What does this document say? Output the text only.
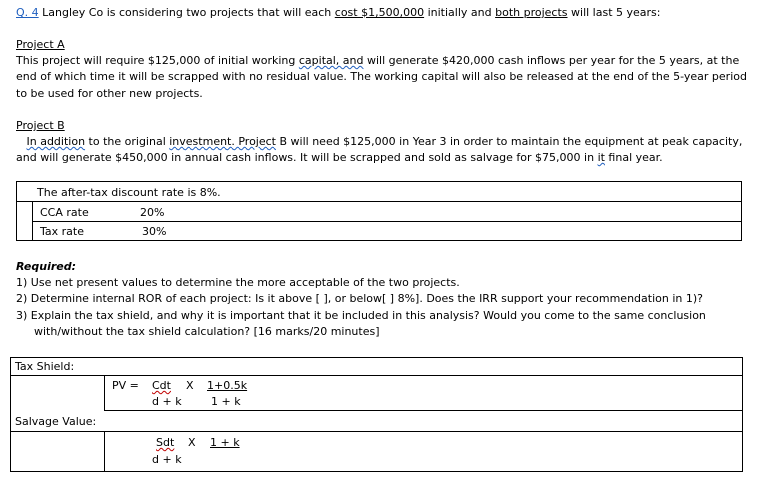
Q. 4 Langley Co is considering two projects that will each cost $1,500,000 initially and both projects will last 5 years:
Project A
This project will require $125,000 of initial working capital, and will generate $420,000 cash inflows per year for the 5 years, at the
end of which time it will be scrapped with no residual value. The working capital will also be released at the end of the 5-year period
to be used for other new projects.
Project B
In addition to the original investment. Project B will need $125,000 in Year 3 in order to maintain the equipment at peak capacity,
and will generate $450,000 in annual cash inflows. It will be scrapped and sold as salvage for $75,000 in it final year.
The after-tax discount rate is 8%.
CCA rate	20%
Tax rate	30%
Required:
1) Use net present values to determine the more acceptable of the two projects.
2) Determine internal ROR of each project: Is it above [ ], or below[ ] 8%]. Does the IRR support your recommendation in 1)?
3) Explain the tax shield, and why it is important that it be included in this analysis? Would you come to the same conclusion
with/without the tax shield calculation? [16 marks/20 minutes]
Tax Shield:
PV = Cdt X 1+0.5k
d + k	1 + k
Salvage Value:
Sdt X 1 + k
d + k
